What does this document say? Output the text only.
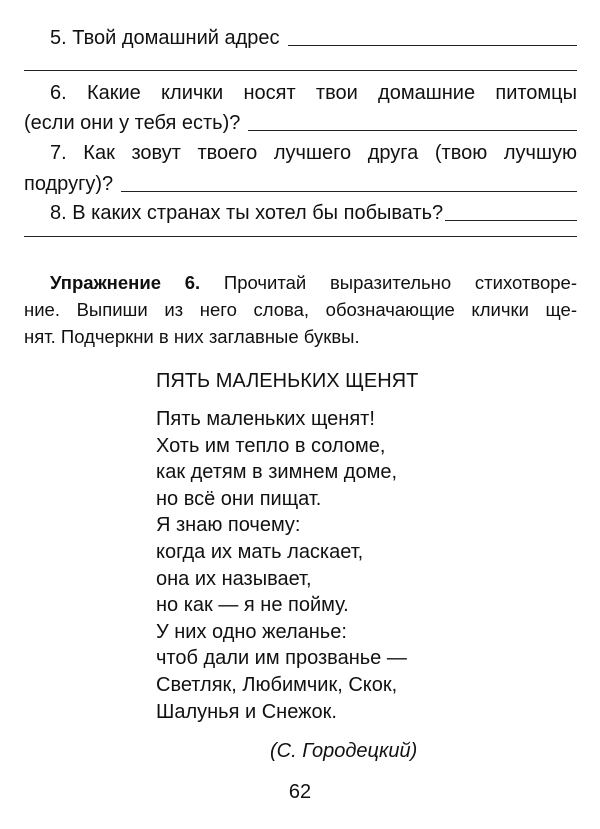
5. Твой домашний адрес
6. Какие клички носят твои домашние питомцы
(если они у тебя есть)?
7. Как зовут твоего лучшего друга (твою лучшую
подругу)?
8. В каких странах ты хотел бы побывать?
Упражнение 6. Прочитай выразительно стихотворе-
ние. Выпиши из него слова, обозначающие клички ще-
нят. Подчеркни в них заглавные буквы.
ПЯТЬ МАЛЕНЬКИХ ЩЕНЯТ
Пять маленьких щенят!
Хоть им тепло в соломе,
как детям в зимнем доме,
но всё они пищат.
Я знаю почему:
когда их мать ласкает,
она их называет,
но как — я не пойму.
У них одно желанье:
чтоб дали им прозванье —
Светляк, Любимчик, Скок,
Шалунья и Снежок.
(С. Городецкий)
62
